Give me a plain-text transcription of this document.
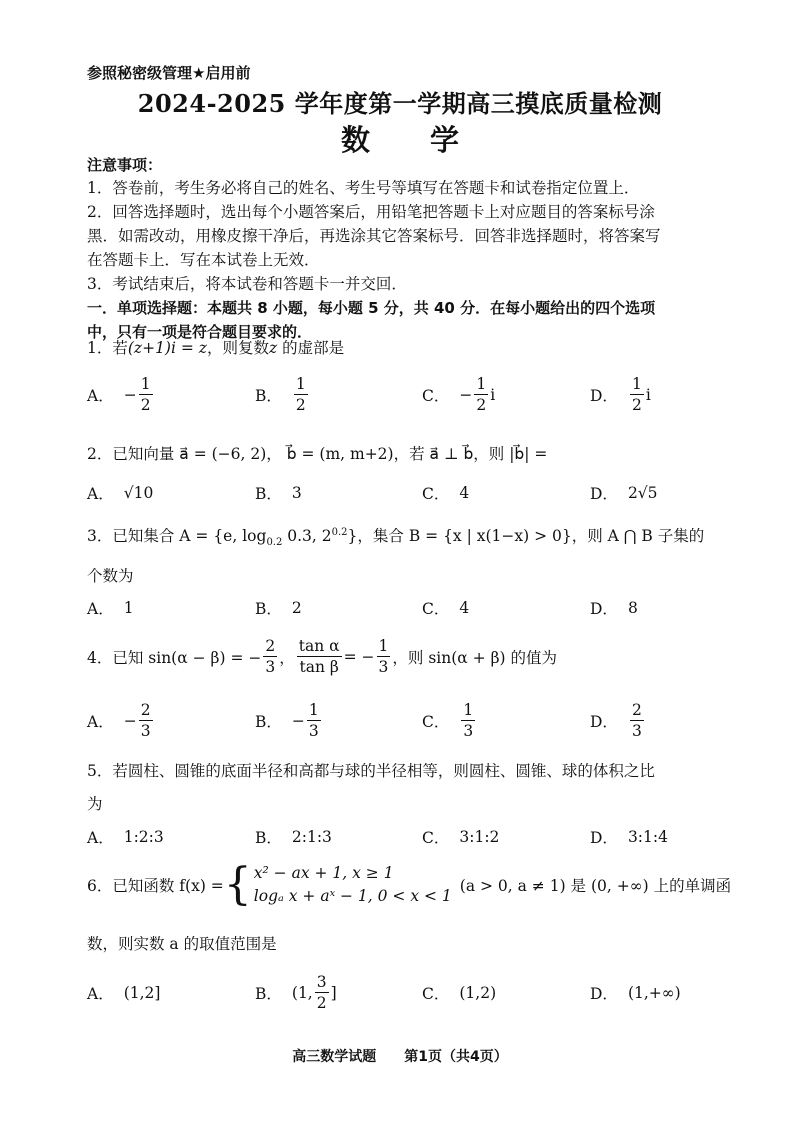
参照秘密级管理★启用前
2024-2025 学年度第一学期高三摸底质量检测
数 学
注意事项：
1．答卷前，考生务必将自己的姓名、考生号等填写在答题卡和试卷指定位置上．
2．回答选择题时，选出每个小题答案后，用铅笔把答题卡上对应题目的答案标号涂
黑．如需改动，用橡皮擦干净后，再选涂其它答案标号．回答非选择题时，将答案写
在答题卡上．写在本试卷上无效．
3．考试结束后，将本试卷和答题卡一并交回．
一．单项选择题：本题共 8 小题，每小题 5 分，共 40 分．在每小题给出的四个选项
中，只有一项是符合题目要求的．
1．若(z+1)i = z，则复数z 的虚部是
A． − $\frac{1}{2}$	B． $\frac{1}{2}$	C． − $\frac{1}{2}$ i	D． $\frac{1}{2}$ i
2．已知向量 a⃗ = (−6, 2)， b⃗ = (m, m+2)，若 a⃗ ⊥ b⃗，则 |b⃗| =
A． √10	B． 3	C． 4	D． 2√5
3．已知集合 A = {e, $\log_{0.2} 0.3$, $2^{0.2}$}，集合 B = {x | x(1−x) > 0}，则 A ⋂ B 子集的
个数为
A． 1	B． 2	C． 4	D． 8
4．已知 sin(α − β) = − $\frac{2}{3}$ ， $\frac{\text{tan α}}{\text{tan β}}$ = − $\frac{1}{3}$ ，则 sin(α + β) 的值为
A． − $\frac{2}{3}$	B． − $\frac{1}{3}$	C． $\frac{1}{3}$	D． $\frac{2}{3}$
5．若圆柱、圆锥的底面半径和高都与球的半径相等，则圆柱、圆锥、球的体积之比
为
A． 1:2:3	B． 2:1:3	C． 3:1:2	D． 3:1:4
6．已知函数 f(x) = { x² − ax + 1, x ≥ 1
logₐ x + aˣ − 1, 0 < x < 1
(a > 0, a ≠ 1) 是 (0, +∞) 上的单调函
数，则实数 a 的取值范围是
A． (1,2]	B． (1, $\frac{3}{2}$ ]	C． (1,2)	D． (1,+∞)
高三数学试题　　第1页（共4页）
